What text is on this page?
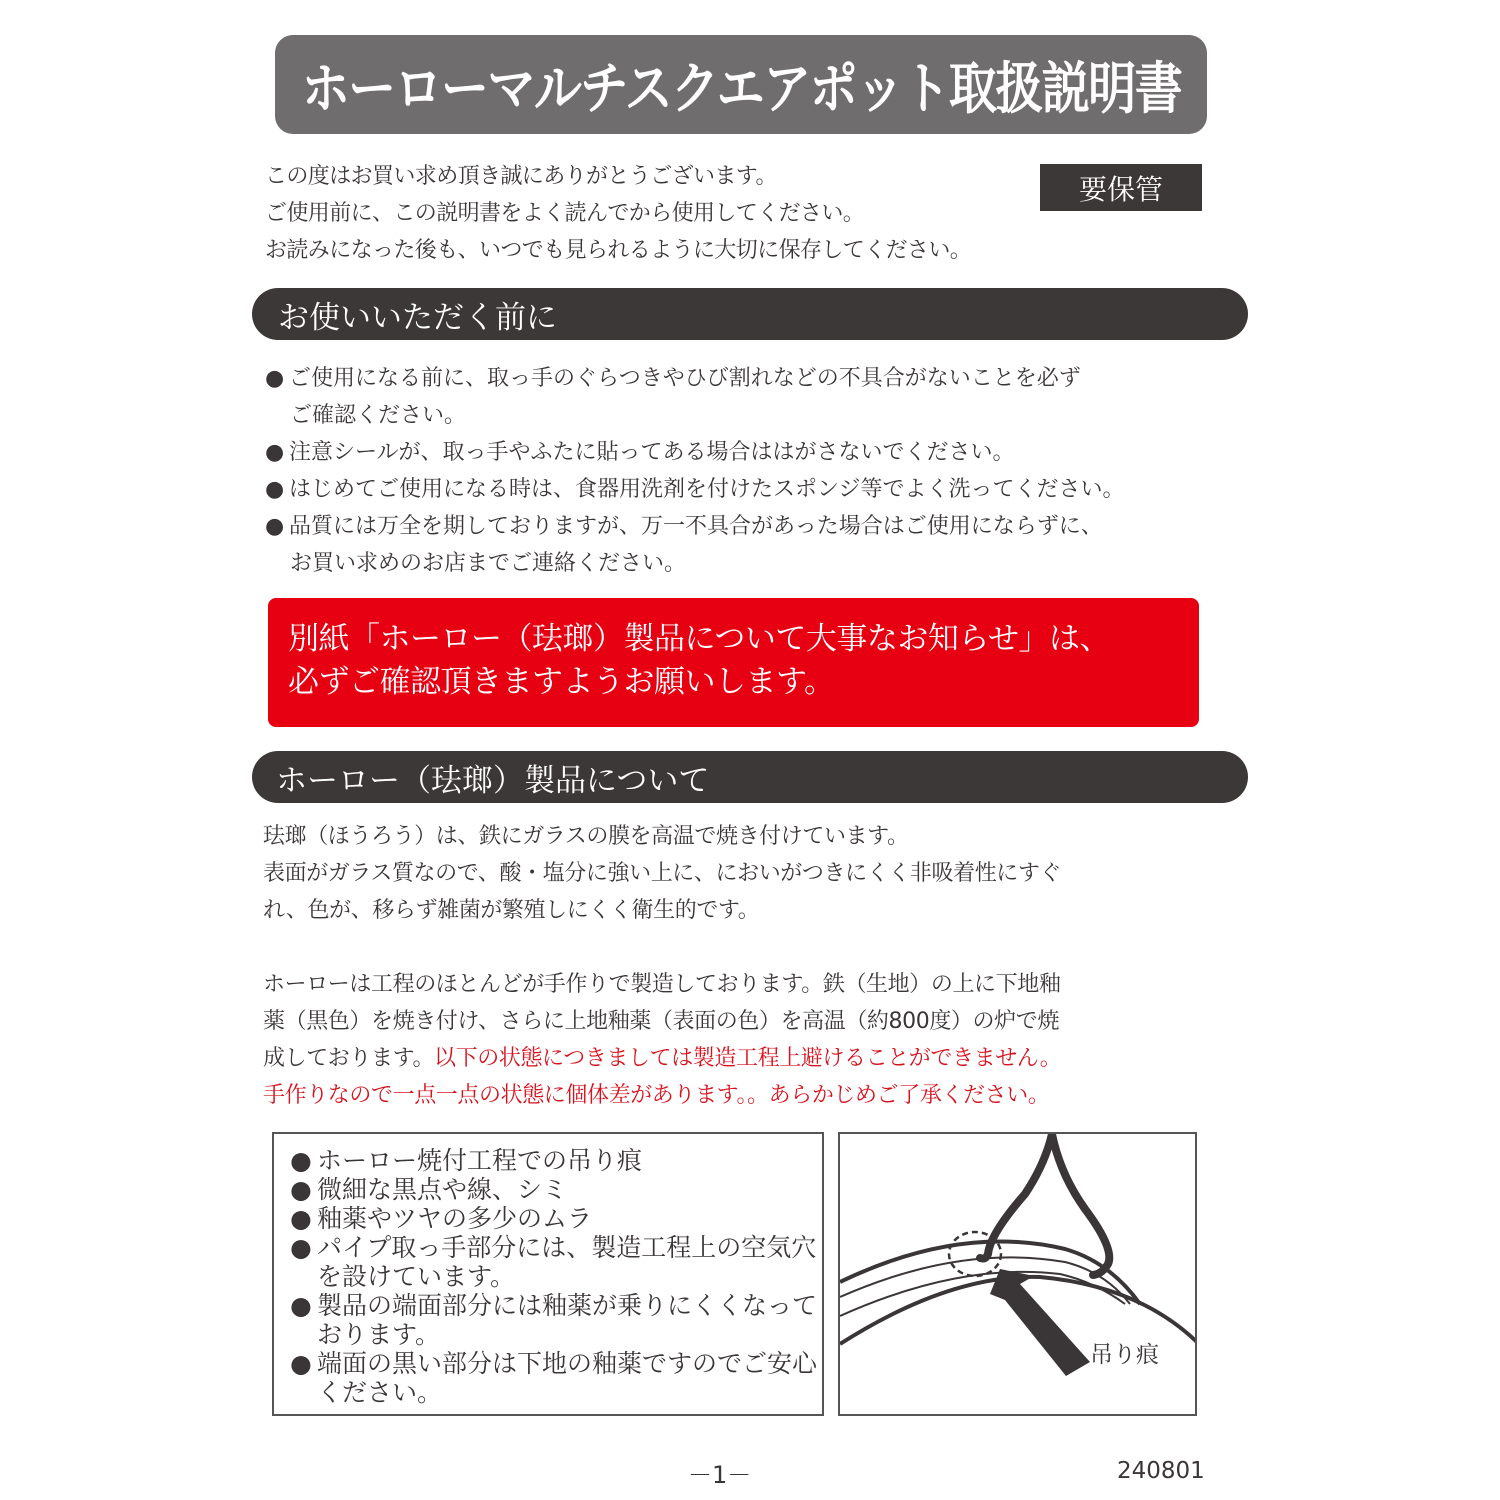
ホーローマルチスクエアポット取扱説明書
この度はお買い求め頂き誠にありがとうございます。
ご使用前に、この説明書をよく読んでから使用してください。
お読みになった後も、いつでも見られるように大切に保存してください。
要保管
お使いいただく前に
● ご使用になる前に、取っ手のぐらつきやひび割れなどの不具合がないことを必ず
ご確認ください。
● 注意シールが、取っ手やふたに貼ってある場合ははがさないでください。
● はじめてご使用になる時は、食器用洗剤を付けたスポンジ等でよく洗ってください。
● 品質には万全を期しておりますが、万一不具合があった場合はご使用にならずに、
お買い求めのお店までご連絡ください。
別紙「ホーロー（珐瑯）製品について大事なお知らせ」は、
必ずご確認頂きますようお願いします。
ホーロー（珐瑯）製品について
珐瑯（ほうろう）は、鉄にガラスの膜を高温で焼き付けています。
表面がガラス質なので、酸・塩分に強い上に、においがつきにくく非吸着性にすぐ
れ、色が、移らず雑菌が繁殖しにくく衛生的です。
ホーローは工程のほとんどが手作りで製造しております。鉄（生地）の上に下地釉
薬（黒色）を焼き付け、さらに上地釉薬（表面の色）を高温（約800度）の炉で焼
成しております。以下の状態につきましては製造工程上避けることができません。
手作りなので一点一点の状態に個体差があります。。あらかじめご了承ください。
● ホーロー焼付工程での吊り痕
● 微細な黒点や線、シミ
● 釉薬やツヤの多少のムラ
● パイプ取っ手部分には、製造工程上の空気穴
を設けています。
● 製品の端面部分には釉薬が乗りにくくなって
おります。
● 端面の黒い部分は下地の釉薬ですのでご安心
ください。
吊り痕
－1－	240801
